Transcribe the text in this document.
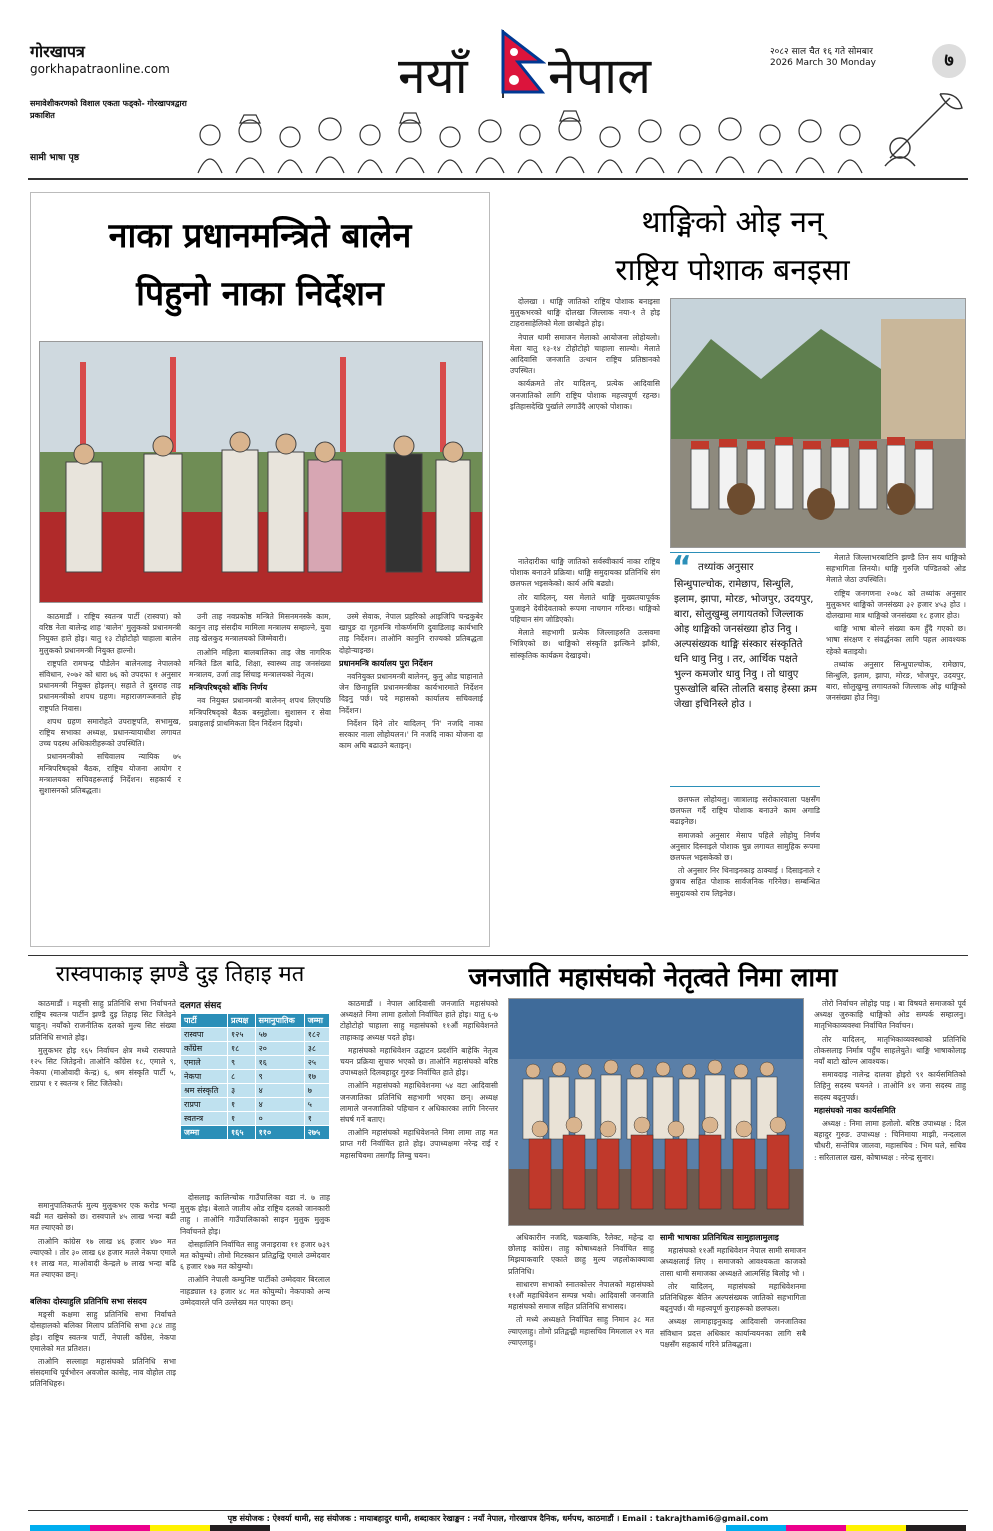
गोरखापत्र
gorkhapatraonline.com
समावेशीकरणको विशाल एकता फड्को- गोरखापत्रद्वारा प्रकाशित
सामी भाषा पृष्ठ
नयाँ नेपाल	२०८२ साल चैत १६ गते सोमबार
2026 March 30 Monday	७
नाका प्रधानमन्त्रिते बालेन
पिहुनो नाका निर्देशन

काठमाडौं । राष्ट्रिय स्वतन्त्र पार्टी (रास्वपा) को वरिष्ठ नेता बालेन्द्र शाह 'बालेन' मुलुकको प्रधानमन्त्री नियुक्त हाते होइ। यातु १३ टोहोटोहो चाहाला बालेन मुलुकको प्रधानमन्त्री नियुक्त हाल्नो।

राष्ट्रपति रामचन्द्र पौडेलेन बालेनलाइ नेपालको संविधान, २०७२ को धारा ७६ को उपदफा १ अनुसार प्रधानमन्त्री नियुक्त होइलन्। सहाते ते दुसराह ताइ प्रधानमन्त्रीको शपथ ग्रहण। महाराजगञ्जनाते होइ राष्ट्रपति निवास।

शपथ ग्रहण समारोहते उपराष्ट्रपति, सभामुख, राष्ट्रिय सभाका अध्यक्ष, प्रधानन्यायाधीश लगायत उच्च पदस्थ अधिकारीहरूको उपस्थिति।

प्रधानमन्त्रीको सचिवालय न्यायिक ७५ मन्त्रिपरिषद्को बैठक, राष्ट्रिय योजना आयोग र मन्त्रालयका सचिवहरूलाई निर्देशन। सहकार्य र सुशासनको प्रतिबद्धता।

उनी ताह नवप्रकोष्ठ मन्त्रिते मिसनमनस्के काम, कानुन ताइ संसदीय मामिला मन्त्रालय सम्हाल्ने, युवा ताइ खेलकुद मन्त्रालयको जिम्मेवारी।

ताओनि महिला बालबालिका ताइ जेष्ठ नागरिक मन्त्रिते डिल बाढि, शिक्षा, स्वास्थ्य ताइ जनसंख्या मन्त्रालय, उर्जा ताइ सिंचाइ मन्त्रालयको नेतृत्व।

मन्त्रिपरिषद्को बाँकि निर्णय

नव नियुक्त प्रधानमन्त्री बालेनन् शपथ लिएपछि मन्त्रिपरिषद्को बैठक बस्नुहोला। सुशासन र सेवा प्रवाहलाई प्राथमिकता दिन निर्देशन दिइयो।

उस्मे सेवाक, नेपाल प्रहरिको आइजिपि चन्द्रकुबेर खापुङ दा गृहमन्त्रि गोकर्णमणि दुवाडिलाइ कार्यभारि ताइ निर्देशन। ताओनि कानुनि राज्यको प्रतिबद्धता दोहोर्‍याइन्छ।

प्रधानमन्त्रि कार्यालय पुरा निर्देशन

नवनियुक्त प्रधानमन्त्री बालेनन्, कुनु ओड चाहानाते जेन छिनाहुलि प्रधानमन्त्रीका कार्यभारमाते निर्देशन दिइनु पर्छ। पदे महासको कार्यालय सचिवलाई निर्देशन।

निर्देशन दिने तोर यादिलन् 'नि' नजदि नाका सरकार नाला लोहोयलन।' नि नजदि नाका योजना दा काम अघि बढाउने बताइन्।

थाङ्मिको ओइ नन्
राष्ट्रिय पोशाक बनइसा

दोलखा । थाङ्मि जातिको राष्ट्रिय पोशाक बनाइसा मुलुकभरको थाङ्मि दोलखा जिल्लाक नया-१ ते होइ टाहरासाहेलिको मेला छाबोइते होइ।

नेपाल थामी समाजन मेलाको आयोजना लोहोयलो। मेला यातु १३-१४ टोहोटोहो चाहाला साल्यो। मेलाते आदिवासि जनजाति उत्थान राष्ट्रिय प्रतिष्ठानको उपस्थित।

कार्यक्रमते तोर यादिलन्, प्रत्येक आदिवासि जनजातिको लागि राष्ट्रिय पोशाक महत्त्वपूर्ण रहन्छ। इतिहासदेखि पुर्खाले लगाउँदै आएको पोशाक।

नातेदारीका थाङ्मि जातिको सर्वस्वीकार्य नाका राष्ट्रिय पोशाक बनाउने प्रक्रिया। थाङ्मि समुदायका प्रतिनिधि संग छलफल भइसकेको। कार्य अघि बढ्यो।

तोर यादिलन्, यस मेलाते थाङ्मि मुख्यतयापूर्वक पुजाइने देवीदेवताको रूपमा नाचगान गरिन्छ। थाङ्मिको पहिचान संग जोडिएको।

मेलाते सहभागी प्रत्येक जिल्लाहरुति उत्सवमा भित्रिएको छ। थाङ्मिको संस्कृति झल्किने झाँकी, सांस्कृतिक कार्यक्रम देखाइयो।

“ तथ्यांक अनुसार
सिन्धुपाल्चोक, रामेछाप, सिन्धुलि, इलाम, झापा, मोरङ, भोजपुर, उदयपुर, बारा, सोलुखुम्बु लगायतको जिल्लाक ओइ थाङ्मिको जनसंख्या होउ निवु । अल्पसंख्यक थाङ्मि संस्कार संस्कृतिते धनि धावु निवु । तर, आर्थिक पक्षते भुल्न कमजोर धावु निवु । तो धावुए पुरूखोलि बस्ति तोलति बसाइ हेस्सा क्रम जेखा इचिनिस्ले होउ ।

छलफल लोहोयलु। जात्रालाइ सरोकारवाला पक्षसँग छलफल गर्दै राष्ट्रिय पोशाक बनाउने काम अगाडि बढाइनेछ।

समाजको अनुसार मेसाप पहिले लोहोयु निर्णय अनुसार दिस्नाइले पोशाक चुन्न लगायत सामुहिक रूपमा छलफल भइसकेको छ।

तो अनुसार निर थिनाइनकाइ ठाक्याई । दिसाइनाले र छुत्राव सहित पोशाक सार्वजनिक गरिनेछ। सम्बन्धित समुदायको राय लिइनेछ।

मेलाते जिल्लाभरबाटिनि झण्डै तिन सय थाङ्मिको सहभागिता लिनयो। थाङ्मि गुरुजि पण्डितको ओड मेलाते जेठा उपस्थिति।

राष्ट्रिय जनगणना २०७८ को तथ्यांक अनुसार मुलुकभर थाङ्मिको जनसंख्या ३२ हजार ४५३ होउ । दोलखामा मात्र थाङ्मिको जनसंख्या १८ हजार होउ।

थाङ्मि भाषा बोल्ने संख्या कम हुँदै गएको छ। भाषा संरक्षण र संवर्द्धनका लागि पहल आवश्यक रहेको बताइयो।

तथ्यांक अनुसार सिन्धुपाल्चोक, रामेछाप, सिन्धुलि, इलाम, झापा, मोरङ, भोजपुर, उदयपुर, बारा, सोलुखुम्बु लगायतको जिल्लाक ओइ थाङ्मिको जनसंख्या होउ निवु।

रास्वपाकाइ झण्डै दुइ तिहाइ मत

काठमाडौं । मङ्सी साहु प्रतिनिधि सभा निर्वाचनते राष्ट्रिय स्वतन्त्र पार्टीन झण्डै दुइ तिहाइ सिट जितेइने चाहुन्। नयाँको राजनीतिक दलको मुल्य सिट संख्या प्रतिनिधि सभाते होइ।

मुलुकभर होइ १६५ निर्वाचन क्षेत्र मध्ये रास्वपाते १२५ सिट जितेइनो। ताओनि काँग्रेस १८, एमाले ९, नेकपा (माओवादी केन्द्र) ६, श्रम संस्कृति पार्टी ५, राप्रपा १ र स्वतन्त्र १ सिट जितेको।

दलगत संसद
पार्टी	प्रत्यक्ष	समानुपातिक	जम्मा
रास्वपा	१२५	५७	१८२
काँग्रेस	१८	२०	३८
एमाले	९	१६	२५
नेकपा	८	९	१७
श्रम संस्कृति	३	४	७
राप्रपा	१	४	५
स्वतन्त्र	१	०	१
जम्मा	१६५	११०	२७५

समानुपातिकतर्फ मुल्य मुलुकभर एक करोड भन्दा बढी मत खसेको छ। रास्वपाले ४५ लाख भन्दा बढी मत ल्याएको छ।

ताओनि कांग्रेस १७ लाख ४६ हजार ४७० मत ल्याएको । तोर ३० लाख ६४ हजार मतले नेकपा एमाले ११ लाख मत, माओवादी केन्द्रले ७ लाख भन्दा बढि मत ल्याएका छन्।

बलिका दोस्याहुलि प्रतिनिधि सभा संसदय

मङ्सी कक्षमा साहु प्रतिनिधि सभा निर्वाचते दोसहालको बलिका मिलाप प्रतिनिधि सभा ३८४ ताहु होइ। राष्ट्रिय स्वतन्त्र पार्टी, नेपाली काँग्रेस, नेकपा एमालेको मत प्रतिशत।

ताओनि सल्लाहा महासंघको प्रतिनिधि सभा संसदमाथि पूर्वभोरन अवजोल कासेह, नाव वोहोल ताइ प्रतिनिधिहरु।

दोसलाइ कालिन्चोक गाउँपालिका वडा नं. ७ ताह मुलुक होइ। बेलाते जातीय ओड राष्ट्रिय दलको जानकारी ताहु । ताओनि गाउँपालिकाको साइन मुलुक मुलुक निर्वाचनते होइ।

दोसहालिनि निर्वाचित साहु जनाइरावा ११ हजार ७३९ मत कोयुम्यो। तोमो मिटस्कान प्रतिद्वन्द्वि एमाले उम्मेदवार ६ हजार १७७ मत कोयुम्यो।

ताओनि नेपाली कम्युनिष्ट पार्टीको उम्मेदवार बिरलाल नाहड्याल १३ हजार ४८ मत कोयुम्यो। नेकपाको अन्य उम्मेदवारले पनि उल्लेख्य मत पाएका छन्।

जनजाति महासंघको नेतृत्वते निमा लामा

काठमाडौं । नेपाल आदिवासी जनजाति महासंघको अध्यक्षते निमा लामा हलोलो निर्वाचित हाते होइ। यातु ६-७ टोहोटोहो चाहाला साहु महासंघको ११औं महाधिवेशनते ताहाकाइ अध्यक्ष पदते होइ।

महासंघको महाधिवेशन उद्घाटन प्रदर्शनि बाहेकि नेतृत्व चयन प्रक्रिया सुचारु भएको छ। ताओनि महासंघको बरिष्ठ उपाध्यक्षते दिलबहादुर गुरुङ निर्वाचित हाते होइ।

ताओनि महासंघको महाधिवेशनमा ५४ वटा आदिवासी जनजातिका प्रतिनिधि सहभागी भएका छन्। अध्यक्ष लामाले जनजातिको पहिचान र अधिकारका लागि निरन्तर संघर्ष गर्ने बताए।

ताओनि महासंघको महाधिवेशनते निमा लामा ताह मत प्राप्त गरी निर्वाचित हाते होइ। उपाध्यक्षमा नरेन्द्र राई र महासचिवमा तसगाँइ लिम्बु चयन।

अधिकारीन नजदि, चक्रबाकि, रैलेक्ट, महेन्द्र दा छोलाइ कांग्रेस। ताहु कोषाध्यक्षते निर्वाचित साहु मिझयाकवारि एकाते छाहु मुल्य जहलोकाक्यावा प्रतिनिधि।

साधारण सभाको स्नातकोत्तर नेपालको महासंघको ११औं महाधिवेशन सम्पन्न भयो। आदिवासी जनजाति महासंघको समाज सहित प्रतिनिधि सभासद।

तो मध्ये अध्यक्षते निर्वाचित साहु निमान ३८ मत ल्याएलाहु। तोमो प्रतिद्वन्द्वी महासचिव मिमलाल २९ मत ल्याएलाहु।

सामी भाषाका प्रतिनिधित्व सामुहालामुलाइ

महासंघको ११औं महाधिवेशन नेपाल सामी समाजन अध्यक्षलाई लिए । समाजको आवश्यकता काजको तासा थामी समाजका अध्यक्षते आत्मसिंह बिलोइ भो ।

तोर यादिलन्, महासंघको महाधिवेशनमा प्रतिनिधिहरू बेतिन अल्पसंख्यक जातिको सहभागिता बढ्नुपर्छ। यी महत्त्वपूर्ण कुराहरूको छलफल।

अध्यक्ष लामाहाइनुकाइ आदिवासी जनजातिका संविधान प्रदत्त अधिकार कार्यान्वयनका लागि सबै पक्षसँग सहकार्य गरिने प्रतिबद्धता।

तोरो निर्वाचन लोहोइ पाइ । बा विषयते समाजको पूर्व अध्यक्ष जुरुकाहि थाङ्मिको ओड सम्पर्क सम्हालनु। मातृभिकाव्यवस्था निर्वाचित निर्वाचन।

तोर यादिलन्, मातृभिकाव्यवस्थाको प्रतिनिधि तोकसलाइ निर्मात्र पहुँच साहलेयुते। थाङ्मि भाषाकोलाइ नयाँ बाटो खोल्न आवश्यक।

समावदाइ नालेन्द्र दालवा होइरो ९१ कार्यसमितिको तिहिनु सदस्य चयनते । ताओनि ४१ जना सदस्य ताहु सदस्य बढ्नुपर्छ।

महासंघको नाका कार्यसमिति

अध्यक्ष : निमा लामा हलोलो. बरिष्ठ उपाध्यक्ष : दिल बहादुर गुरुङ. उपाध्यक्ष : चिनिमाया माझी, नन्दलाल चौधरी, सन्तेचित्र जालवा, महासचिव : भिम घले, सचिव : सरितालाल खस, कोषाध्यक्ष : नरेन्द्र सुनार।

पृष्ठ संयोजक : ऐश्वर्या थामी, सह संयोजक : मायाबहादुर थामी, शब्दाकार रेखाङ्कन : नयाँ नेपाल, गोरखापत्र दैनिक, धर्मपथ, काठमाडौं । Email : takrajthami6@gmail.com
